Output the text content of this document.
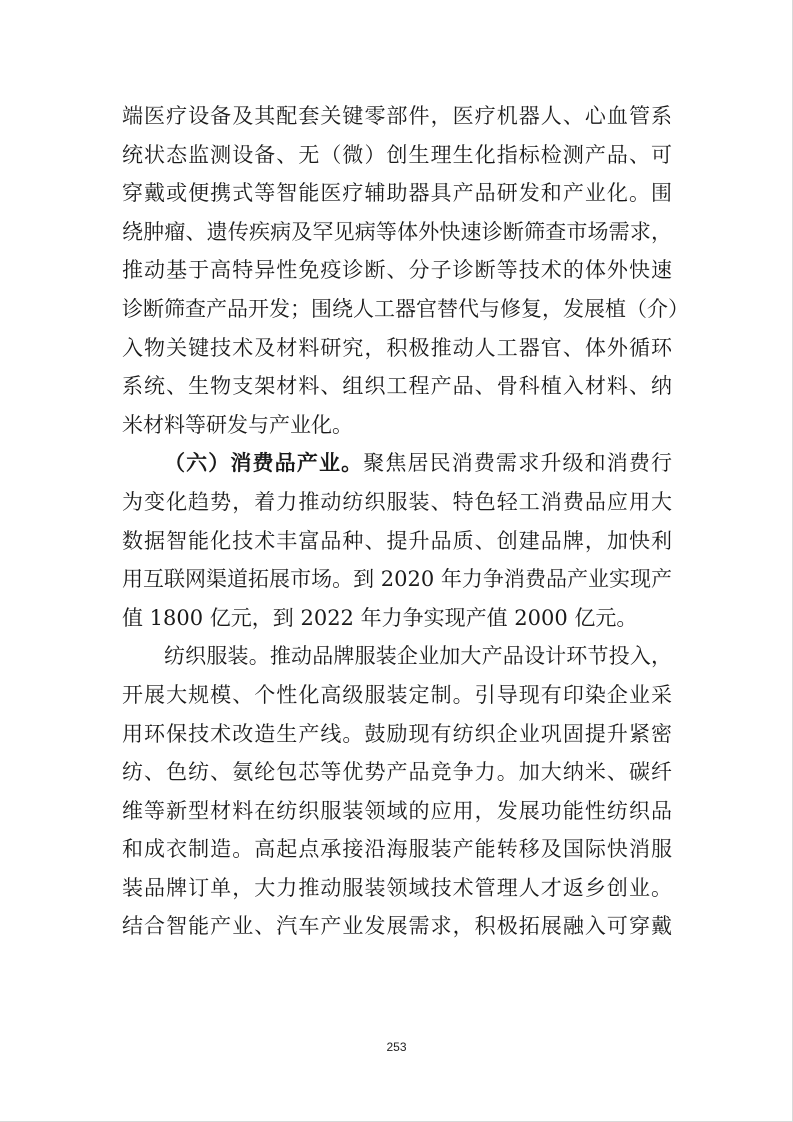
端医疗设备及其配套关键零部件，医疗机器人、心血管系
统状态监测设备、无（微）创生理生化指标检测产品、可
穿戴或便携式等智能医疗辅助器具产品研发和产业化。围
绕肿瘤、遗传疾病及罕见病等体外快速诊断筛查市场需求，
推动基于高特异性免疫诊断、分子诊断等技术的体外快速
诊断筛查产品开发；围绕人工器官替代与修复，发展植（介）
入物关键技术及材料研究，积极推动人工器官、体外循环
系统、生物支架材料、组织工程产品、骨科植入材料、纳
米材料等研发与产业化。
（六）消费品产业。聚焦居民消费需求升级和消费行
为变化趋势，着力推动纺织服装、特色轻工消费品应用大
数据智能化技术丰富品种、提升品质、创建品牌，加快利
用互联网渠道拓展市场。到 2020 年力争消费品产业实现产
值 1800 亿元，到 2022 年力争实现产值 2000 亿元。
纺织服装。推动品牌服装企业加大产品设计环节投入，
开展大规模、个性化高级服装定制。引导现有印染企业采
用环保技术改造生产线。鼓励现有纺织企业巩固提升紧密
纺、色纺、氨纶包芯等优势产品竞争力。加大纳米、碳纤
维等新型材料在纺织服装领域的应用，发展功能性纺织品
和成衣制造。高起点承接沿海服装产能转移及国际快消服
装品牌订单，大力推动服装领域技术管理人才返乡创业。
结合智能产业、汽车产业发展需求，积极拓展融入可穿戴
253
